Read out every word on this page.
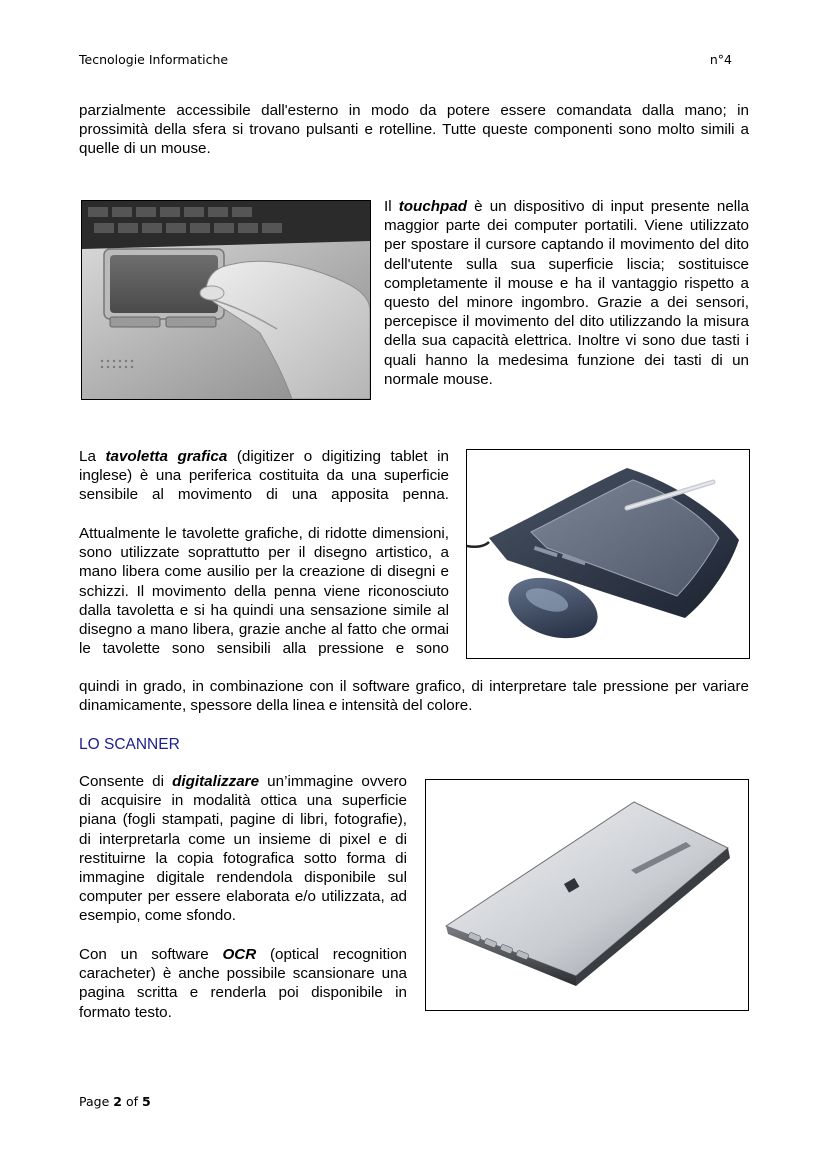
Tecnologie Informatiche	n°4

parzialmente accessibile dall'esterno in modo da potere essere comandata dalla mano; in prossimità della sfera si trovano pulsanti e rotelline. Tutte queste componenti sono molto simili a quelle di un mouse.

Il touchpad è un dispositivo di input presente nella maggior parte dei computer portatili. Viene utilizzato per spostare il cursore captando il movimento del dito dell'utente sulla sua superficie liscia; sostituisce completamente il mouse e ha il vantaggio rispetto a questo del minore ingombro. Grazie a dei sensori, percepisce il movimento del dito utilizzando la misura della sua capacità elettrica. Inoltre vi sono due tasti i quali hanno la medesima funzione dei tasti di un normale mouse.

La tavoletta grafica (digitizer o digitizing tablet in inglese) è una periferica costituita da una superficie sensibile al movimento di una apposita penna.

Attualmente le tavolette grafiche, di ridotte dimensioni, sono utilizzate soprattutto per il disegno artistico, a mano libera come ausilio per la creazione di disegni e schizzi. Il movimento della penna viene riconosciuto dalla tavoletta e si ha quindi una sensazione simile al disegno a mano libera, grazie anche al fatto che ormai le tavolette sono sensibili alla pressione e sono

quindi in grado, in combinazione con il software grafico, di interpretare tale pressione per variare dinamicamente, spessore della linea e intensità del colore.

LO SCANNER

Consente di digitalizzare un’immagine ovvero di acquisire in modalità ottica una superficie piana (fogli stampati, pagine di libri, fotografie), di interpretarla come un insieme di pixel e di restituirne la copia fotografica sotto forma di immagine digitale rendendola disponibile sul computer per essere elaborata e/o utilizzata, ad esempio, come sfondo.

Con un software OCR (optical recognition caracheter) è anche possibile scansionare una pagina scritta e renderla poi disponibile in formato testo.

Page 2 of 5
